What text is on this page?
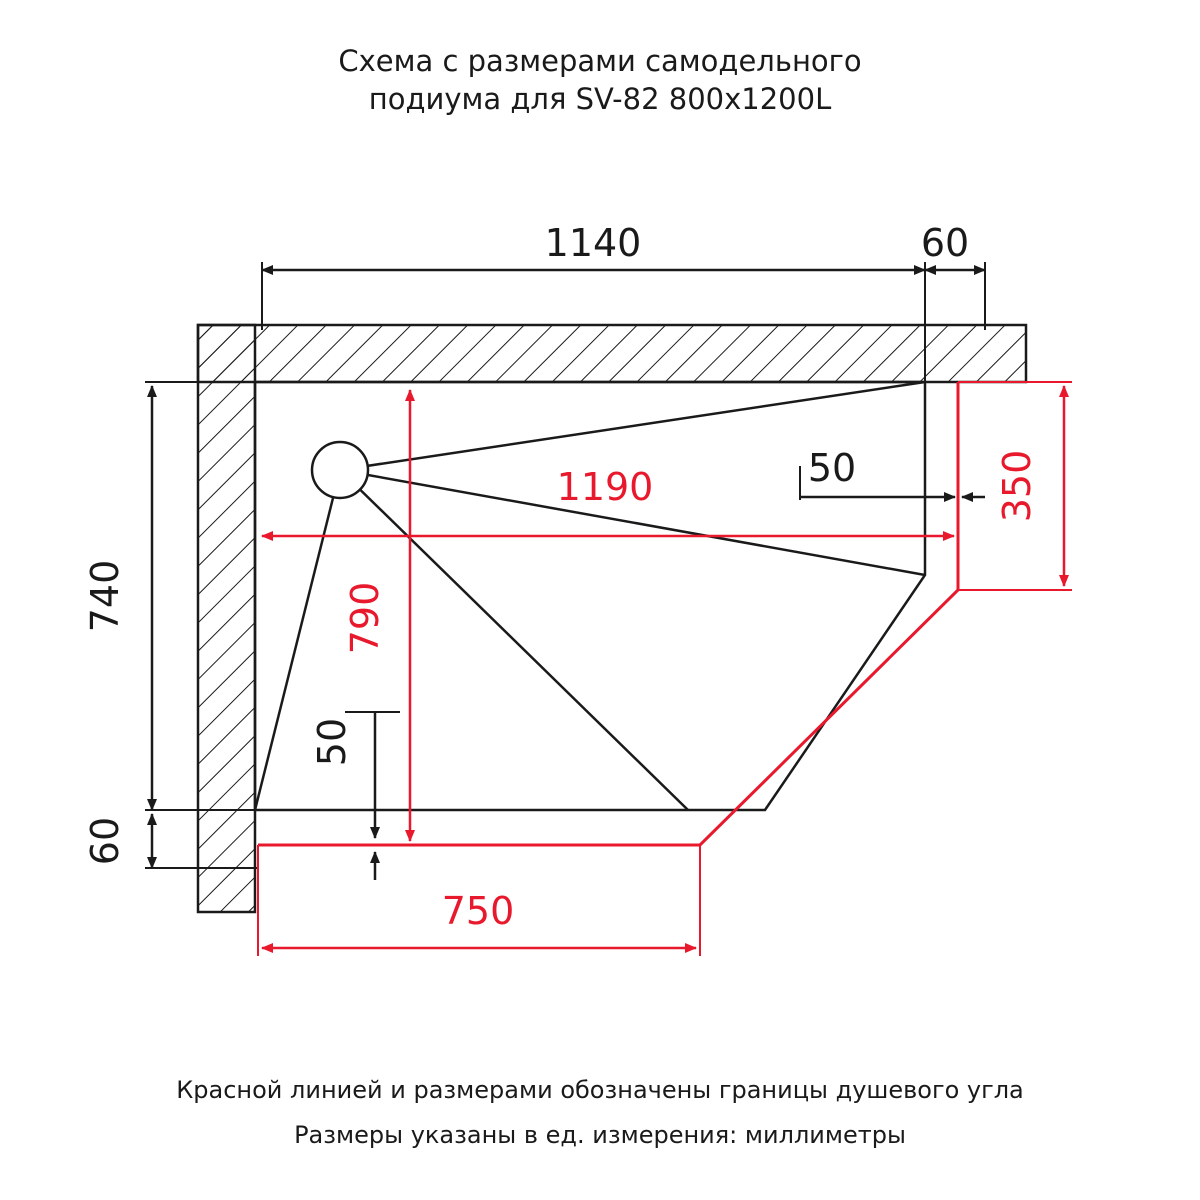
Схема с размерами самодельного
подиума для SV-82 800x1200L
1140	60
740
60
350
1190
790
50
50
750
Красной линией и размерами обозначены границы душевого угла
Размеры указаны в ед. измерения: миллиметры
